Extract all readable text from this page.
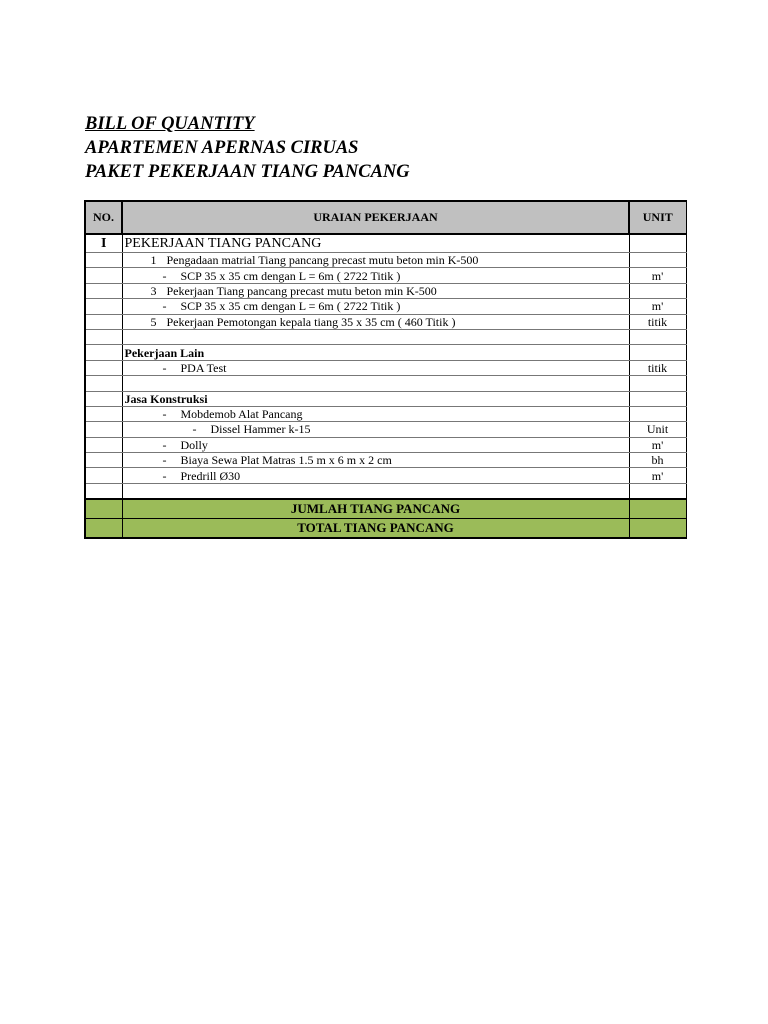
BILL OF QUANTITY
APARTEMEN APERNAS CIRUAS
PAKET PEKERJAAN TIANG PANCANG
NO.	URAIAN PEKERJAAN	UNIT
I	PEKERJAAN TIANG PANCANG	
	1 Pengadaan matrial Tiang pancang precast mutu beton min K-500	
	- SCP 35 x 35 cm dengan L = 6m ( 2722 Titik )	m'
	3 Pekerjaan Tiang pancang precast mutu beton min K-500	
	- SCP 35 x 35 cm dengan L = 6m ( 2722 Titik )	m'
	5 Pekerjaan Pemotongan kepala tiang 35 x 35 cm ( 460 Titik )	titik

	Pekerjaan Lain	
	- PDA Test	titik

	Jasa Konstruksi	
	- Mobdemob Alat Pancang	
	- Dissel Hammer k-15	Unit
	- Dolly	m'
	- Biaya Sewa Plat Matras 1.5 m x 6 m x 2 cm	bh
	- Predrill Ø30	m'

	JUMLAH TIANG PANCANG	
	TOTAL TIANG PANCANG	
